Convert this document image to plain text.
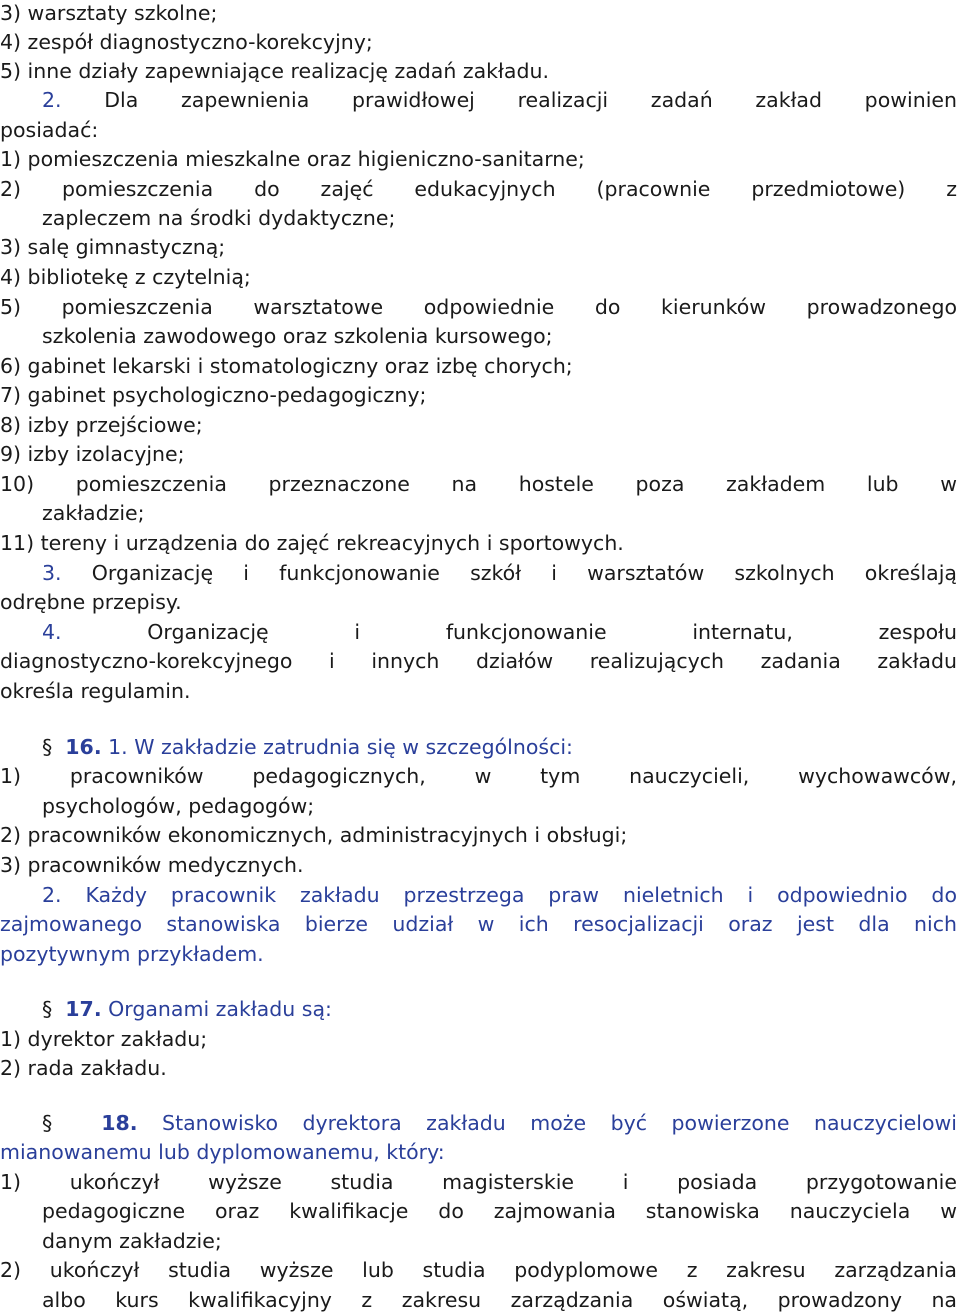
3) warsztaty szkolne;
4) zespół diagnostyczno-korekcyjny;
5) inne działy zapewniające realizację zadań zakładu.
2. Dla zapewnienia prawidłowej realizacji zadań zakład powinien
posiadać:
1) pomieszczenia mieszkalne oraz higieniczno-sanitarne;
2) pomieszczenia do zajęć edukacyjnych (pracownie przedmiotowe) z
zapleczem na środki dydaktyczne;
3) salę gimnastyczną;
4) bibliotekę z czytelnią;
5) pomieszczenia warsztatowe odpowiednie do kierunków prowadzonego
szkolenia zawodowego oraz szkolenia kursowego;
6) gabinet lekarski i stomatologiczny oraz izbę chorych;
7) gabinet psychologiczno-pedagogiczny;
8) izby przejściowe;
9) izby izolacyjne;
10) pomieszczenia przeznaczone na hostele poza zakładem lub w
zakładzie;
11) tereny i urządzenia do zajęć rekreacyjnych i sportowych.
3. Organizację i funkcjonowanie szkół i warsztatów szkolnych określają
odrębne przepisy.
4. Organizację i funkcjonowanie internatu, zespołu
diagnostyczno-korekcyjnego i innych działów realizujących zadania zakładu
określa regulamin.
§ 16. 1. W zakładzie zatrudnia się w szczególności:
1) pracowników pedagogicznych, w tym nauczycieli, wychowawców,
psychologów, pedagogów;
2) pracowników ekonomicznych, administracyjnych i obsługi;
3) pracowników medycznych.
2. Każdy pracownik zakładu przestrzega praw nieletnich i odpowiednio do
zajmowanego stanowiska bierze udział w ich resocjalizacji oraz jest dla nich
pozytywnym przykładem.
§ 17. Organami zakładu są:
1) dyrektor zakładu;
2) rada zakładu.
§ 18. Stanowisko dyrektora zakładu może być powierzone nauczycielowi
mianowanemu lub dyplomowanemu, który:
1) ukończył wyższe studia magisterskie i posiada przygotowanie
pedagogiczne oraz kwalifikacje do zajmowania stanowiska nauczyciela w
danym zakładzie;
2) ukończył studia wyższe lub studia podyplomowe z zakresu zarządzania
albo kurs kwalifikacyjny z zakresu zarządzania oświatą, prowadzony na
